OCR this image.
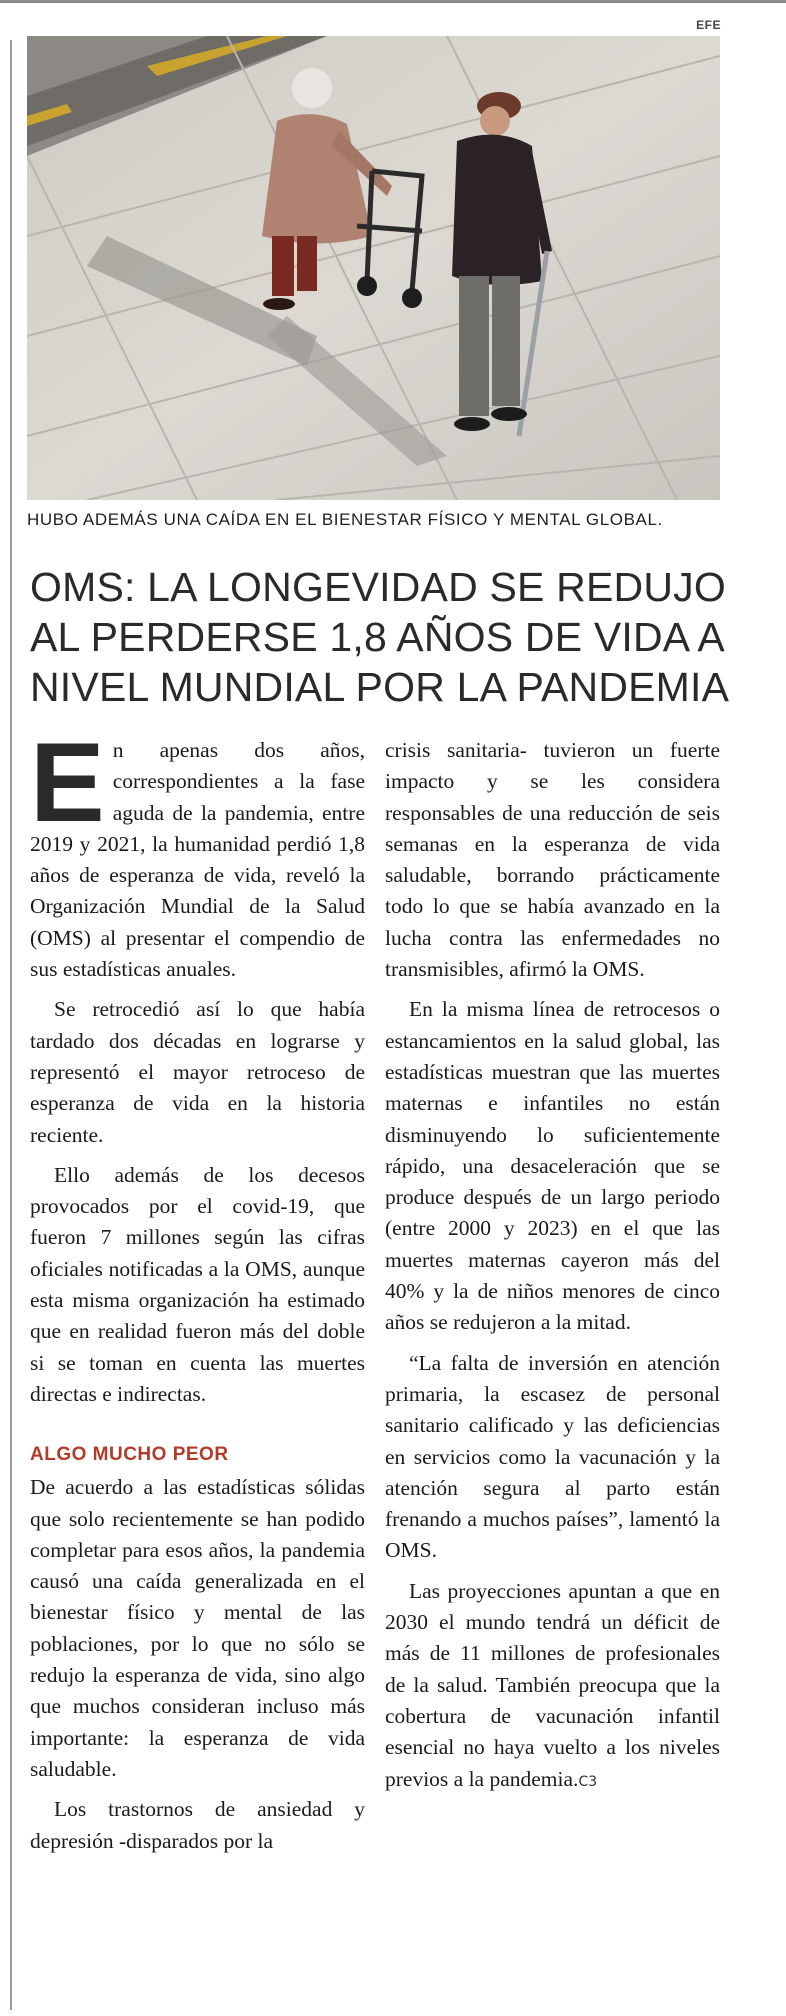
EFE
HUBO ADEMÁS UNA CAÍDA EN EL BIENESTAR FÍSICO Y MENTAL GLOBAL.
OMS: LA LONGEVIDAD SE REDUJO
AL PERDERSE 1,8 AÑOS DE VIDA A
NIVEL MUNDIAL POR LA PANDEMIA

En apenas dos años, correspondientes a la fase aguda de la pandemia, entre 2019 y 2021, la humanidad perdió 1,8 años de esperanza de vida, reveló la Organización Mundial de la Salud (OMS) al presentar el compendio de sus estadísticas anuales.

Se retrocedió así lo que había tardado dos décadas en lograrse y representó el mayor retroceso de esperanza de vida en la historia reciente.

Ello además de los decesos provocados por el covid-19, que fueron 7 millones según las cifras oficiales notificadas a la OMS, aunque esta misma organización ha estimado que en realidad fueron más del doble si se toman en cuenta las muertes directas e indirectas.

ALGO MUCHO PEOR

De acuerdo a las estadísticas sólidas que solo recientemente se han podido completar para esos años, la pandemia causó una caída generalizada en el bienestar físico y mental de las poblaciones, por lo que no sólo se redujo la esperanza de vida, sino algo que muchos consideran incluso más importante: la esperanza de vida saludable.

Los trastornos de ansiedad y depresión -disparados por la

crisis sanitaria- tuvieron un fuerte impacto y se les considera responsables de una reducción de seis semanas en la esperanza de vida saludable, borrando prácticamente todo lo que se había avanzado en la lucha contra las enfermedades no transmisibles, afirmó la OMS.

En la misma línea de retrocesos o estancamientos en la salud global, las estadísticas muestran que las muertes maternas e infantiles no están disminuyendo lo suficientemente rápido, una desaceleración que se produce después de un largo periodo (entre 2000 y 2023) en el que las muertes maternas cayeron más del 40% y la de niños menores de cinco años se redujeron a la mitad.

“La falta de inversión en atención primaria, la escasez de personal sanitario calificado y las deficiencias en servicios como la vacunación y la atención segura al parto están frenando a muchos países”, lamentó la OMS.

Las proyecciones apuntan a que en 2030 el mundo tendrá un déficit de más de 11 millones de profesionales de la salud. También preocupa que la cobertura de vacunación infantil esencial no haya vuelto a los niveles previos a la pandemia.C3
